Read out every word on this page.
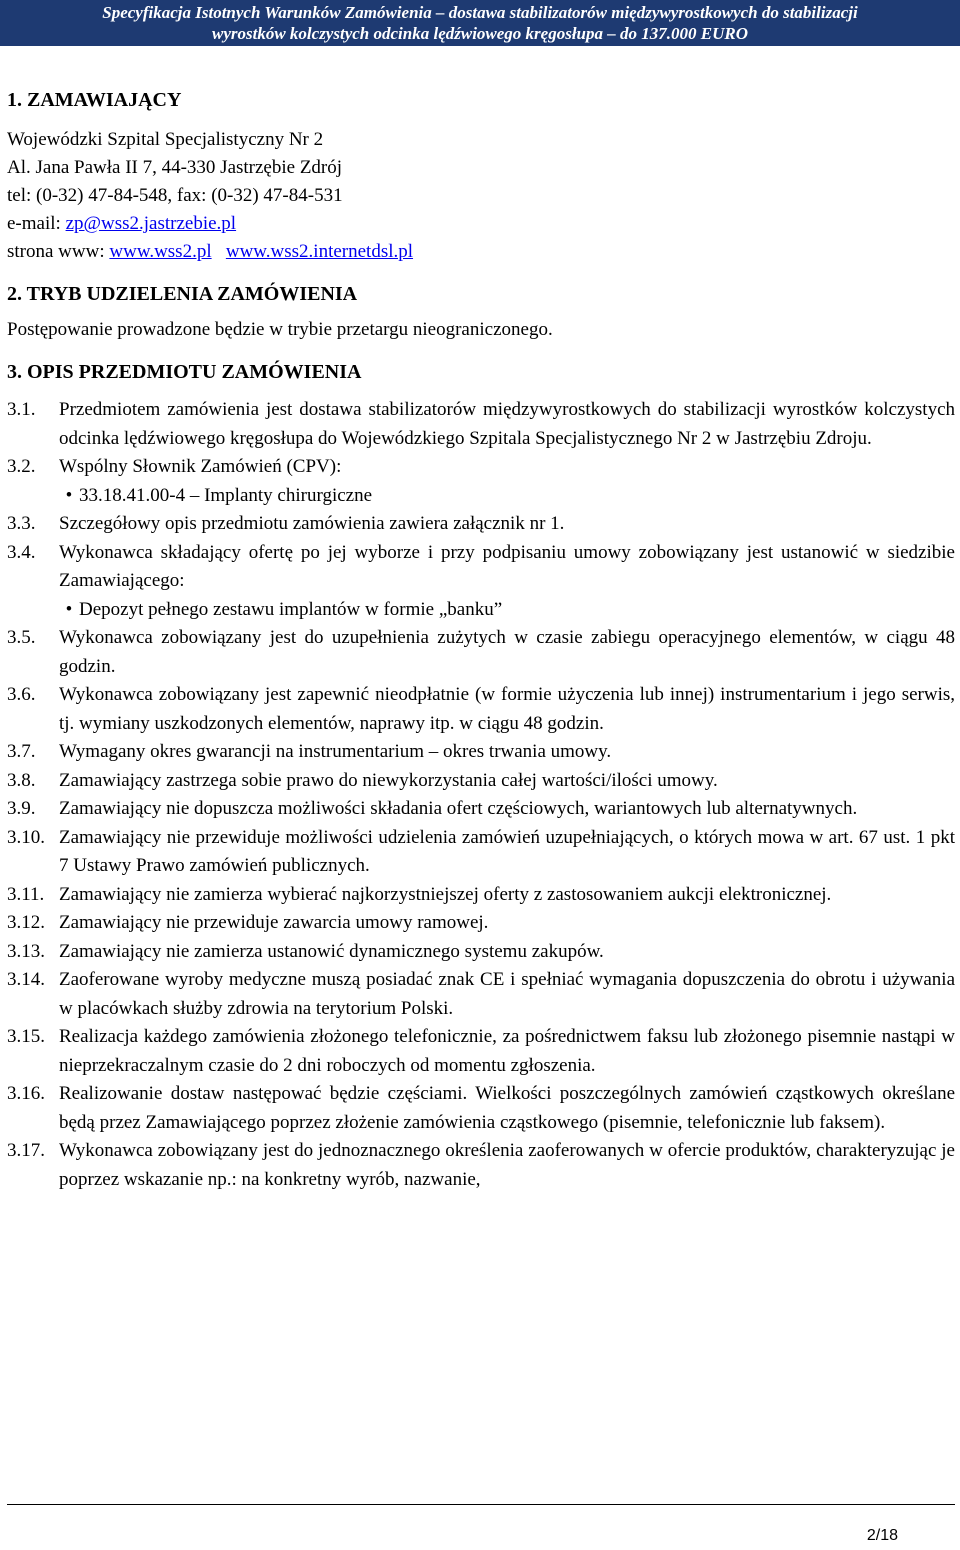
Specyfikacja Istotnych Warunków Zamówienia – dostawa stabilizatorów międzywyrostkowych do stabilizacji
wyrostków kolczystych odcinka lędźwiowego kręgosłupa – do 137.000 EURO

1. ZAMAWIAJĄCY

Wojewódzki Szpital Specjalistyczny Nr 2

Al. Jana Pawła II 7, 44-330 Jastrzębie Zdrój

tel: (0-32) 47-84-548, fax: (0-32) 47-84-531

e-mail: zp@wss2.jastrzebie.pl

strona www: www.wss2.pl www.wss2.internetdsl.pl

2. TRYB UDZIELENIA ZAMÓWIENIA

Postępowanie prowadzone będzie w trybie przetargu nieograniczonego.

3. OPIS PRZEDMIOTU ZAMÓWIENIA

3.1.	Przedmiotem zamówienia jest dostawa stabilizatorów międzywyrostkowych do stabilizacji wyrostków kolczystych odcinka lędźwiowego kręgosłupa do Wojewódzkiego Szpitala Specjalistycznego Nr 2 w Jastrzębiu Zdroju.
3.2.	Wspólny Słownik Zamówień (CPV):
• 33.18.41.00-4 – Implanty chirurgiczne
3.3.	Szczegółowy opis przedmiotu zamówienia zawiera załącznik nr 1.
3.4.	Wykonawca składający ofertę po jej wyborze i przy podpisaniu umowy zobowiązany jest ustanowić w siedzibie Zamawiającego:
• Depozyt pełnego zestawu implantów w formie „banku”
3.5.	Wykonawca zobowiązany jest do uzupełnienia zużytych w czasie zabiegu operacyjnego elementów, w ciągu 48 godzin.
3.6.	Wykonawca zobowiązany jest zapewnić nieodpłatnie (w formie użyczenia lub innej) instrumentarium i jego serwis, tj. wymiany uszkodzonych elementów, naprawy itp. w ciągu 48 godzin.
3.7.	Wymagany okres gwarancji na instrumentarium – okres trwania umowy.
3.8.	Zamawiający zastrzega sobie prawo do niewykorzystania całej wartości/ilości umowy.
3.9.	Zamawiający nie dopuszcza możliwości składania ofert częściowych, wariantowych lub alternatywnych.
3.10. Zamawiający nie przewiduje możliwości udzielenia zamówień uzupełniających, o których mowa w art. 67 ust. 1 pkt 7 Ustawy Prawo zamówień publicznych.
3.11. Zamawiający nie zamierza wybierać najkorzystniejszej oferty z zastosowaniem aukcji elektronicznej.
3.12. Zamawiający nie przewiduje zawarcia umowy ramowej.
3.13. Zamawiający nie zamierza ustanowić dynamicznego systemu zakupów.
3.14. Zaoferowane wyroby medyczne muszą posiadać znak CE i spełniać wymagania dopuszczenia do obrotu i używania w placówkach służby zdrowia na terytorium Polski.
3.15. Realizacja każdego zamówienia złożonego telefonicznie, za pośrednictwem faksu lub złożonego pisemnie nastąpi w nieprzekraczalnym czasie do 2 dni roboczych od momentu zgłoszenia.
3.16. Realizowanie dostaw następować będzie częściami. Wielkości poszczególnych zamówień cząstkowych określane będą przez Zamawiającego poprzez złożenie zamówienia cząstkowego (pisemnie, telefonicznie lub faksem).
3.17. Wykonawca zobowiązany jest do jednoznacznego określenia zaoferowanych w ofercie produktów, charakteryzując je poprzez wskazanie np.: na konkretny wyrób, nazwanie,
2/18
